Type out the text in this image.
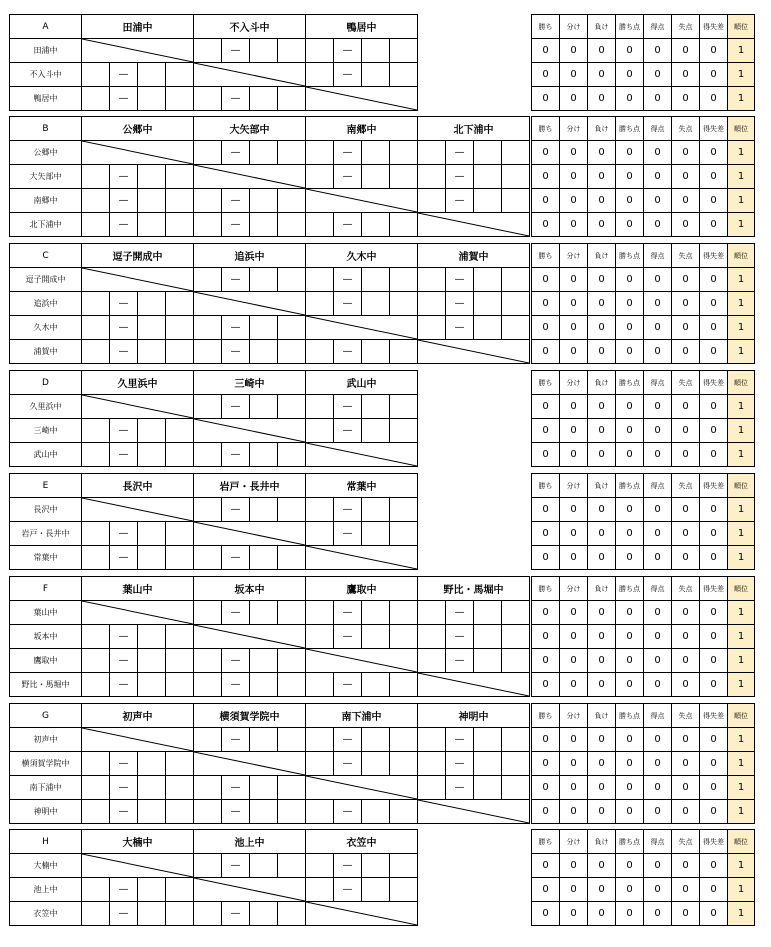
A	田浦中				不入斗中				鴨居中			
田浦中						—				—		
不入斗中		—								—		
鴨居中		—				—			
勝ち	分け	負け	勝ち点	得点	失点	得失差	順位
0	0	0	0	0	0	0	1
0	0	0	0	0	0	0	1
0	0	0	0	0	0	0	1
B	公郷中				大矢部中				南郷中				北下浦中			
公郷中						—				—				—		
大矢部中		—								—				—		
南郷中		—				—								—		
北下浦中		—				—				—			
勝ち	分け	負け	勝ち点	得点	失点	得失差	順位
0	0	0	0	0	0	0	1
0	0	0	0	0	0	0	1
0	0	0	0	0	0	0	1
0	0	0	0	0	0	0	1
C	逗子開成中				追浜中				久木中				浦賀中			
逗子開成中						—				—				—		
追浜中		—								—				—		
久木中		—				—								—		
浦賀中		—				—				—			
勝ち	分け	負け	勝ち点	得点	失点	得失差	順位
0	0	0	0	0	0	0	1
0	0	0	0	0	0	0	1
0	0	0	0	0	0	0	1
0	0	0	0	0	0	0	1
D	久里浜中				三崎中				武山中			
久里浜中						—				—		
三崎中		—								—		
武山中		—				—			
勝ち	分け	負け	勝ち点	得点	失点	得失差	順位
0	0	0	0	0	0	0	1
0	0	0	0	0	0	0	1
0	0	0	0	0	0	0	1
E	長沢中				岩戸・長井中				常葉中			
長沢中						—				—		
岩戸・長井中		—								—		
常葉中		—				—			
勝ち	分け	負け	勝ち点	得点	失点	得失差	順位
0	0	0	0	0	0	0	1
0	0	0	0	0	0	0	1
0	0	0	0	0	0	0	1
F	葉山中				坂本中				鷹取中				野比・馬堀中			
葉山中						—				—				—		
坂本中		—								—				—		
鷹取中		—				—								—		
野比・馬堀中		—				—				—			
勝ち	分け	負け	勝ち点	得点	失点	得失差	順位
0	0	0	0	0	0	0	1
0	0	0	0	0	0	0	1
0	0	0	0	0	0	0	1
0	0	0	0	0	0	0	1
G	初声中				横須賀学院中				南下浦中				神明中			
初声中						—				—				—		
横須賀学院中		—								—				—		
南下浦中		—				—								—		
神明中		—				—				—			
勝ち	分け	負け	勝ち点	得点	失点	得失差	順位
0	0	0	0	0	0	0	1
0	0	0	0	0	0	0	1
0	0	0	0	0	0	0	1
0	0	0	0	0	0	0	1
H	大楠中				池上中				衣笠中			
大楠中						—				—		
池上中		—								—		
衣笠中		—				—			
勝ち	分け	負け	勝ち点	得点	失点	得失差	順位
0	0	0	0	0	0	0	1
0	0	0	0	0	0	0	1
0	0	0	0	0	0	0	1
